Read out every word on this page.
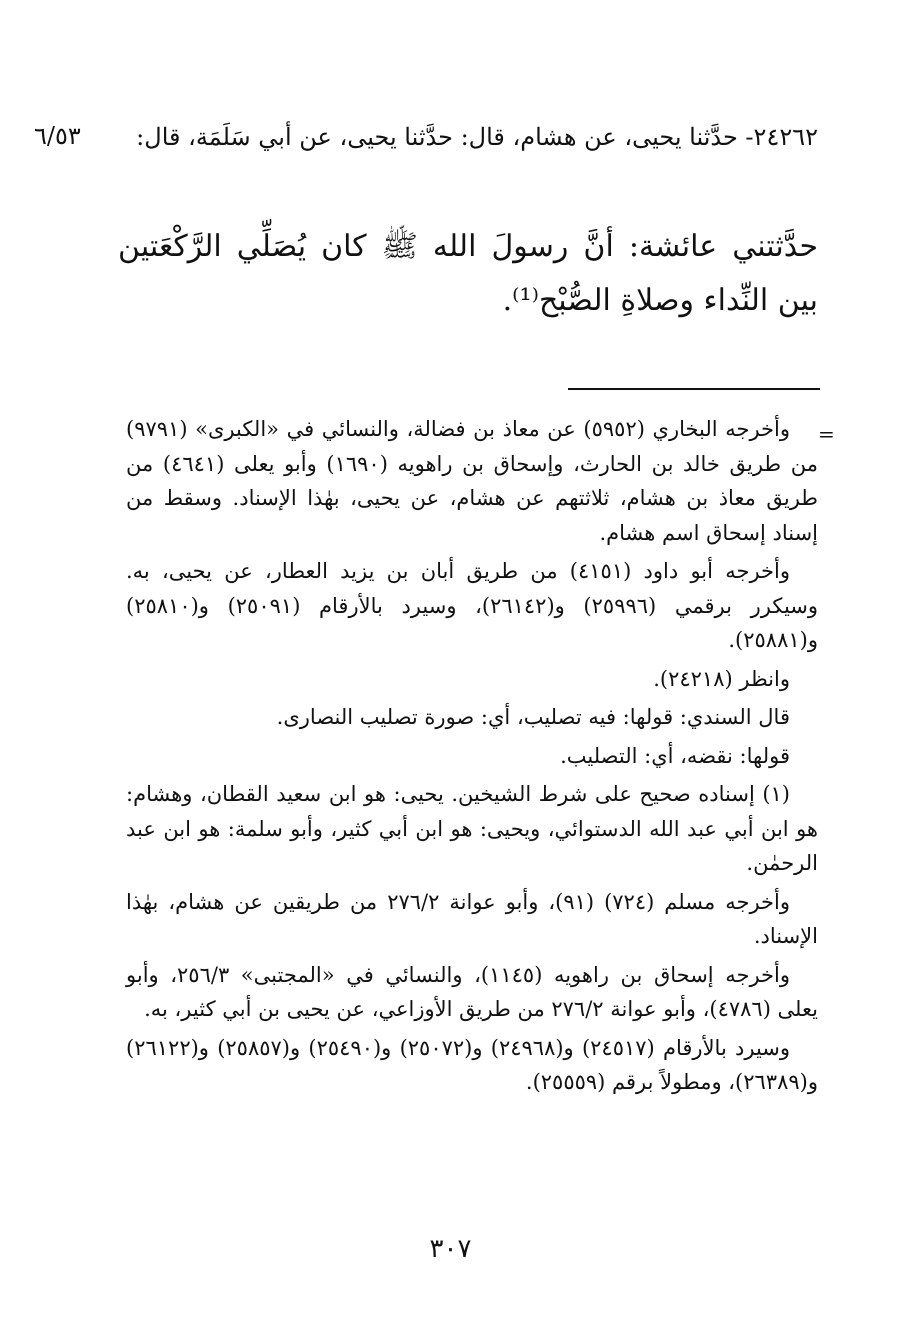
٦/٥٣	٢٤٢٦٢- حدَّثنا يحيى، عن هشام، قال: حدَّثنا يحيى، عن أبي سَلَمَة، قال:
حدَّثتني عائشة: أنَّ رسولَ الله ﷺ كان يُصَلِّي الرَّكْعَتين بين النِّداء وصلاةِ الصُّبْح⁽¹⁾.
=

وأخرجه البخاري (٥٩٥٢) عن معاذ بن فضالة، والنسائي في «الكبرى» (٩٧٩١) من طريق خالد بن الحارث، وإسحاق بن راهويه (١٦٩٠) وأبو يعلى (٤٦٤١) من طريق معاذ بن هشام، ثلاثتهم عن هشام، عن يحيى، بهٰذا الإسناد. وسقط من إسناد إسحاق اسم هشام.

وأخرجه أبو داود (٤١٥١) من طريق أبان بن يزيد العطار، عن يحيى، به. وسيكرر برقمي (٢٥٩٩٦) و(٢٦١٤٢)، وسيرد بالأرقام (٢٥٠٩١) و(٢٥٨١٠) و(٢٥٨٨١).

وانظر (٢٤٢١٨).

قال السندي: قولها: فيه تصليب، أي: صورة تصليب النصارى.

قولها: نقضه، أي: التصليب.

(١) إسناده صحيح على شرط الشيخين. يحيى: هو ابن سعيد القطان، وهشام: هو ابن أبي عبد الله الدستوائي، ويحيى: هو ابن أبي كثير، وأبو سلمة: هو ابن عبد الرحمٰن.

وأخرجه مسلم (٧٢٤) (٩١)، وأبو عوانة ٢٧٦/٢ من طريقين عن هشام، بهٰذا الإسناد.

وأخرجه إسحاق بن راهويه (١١٤٥)، والنسائي في «المجتبى» ٢٥٦/٣، وأبو يعلى (٤٧٨٦)، وأبو عوانة ٢٧٦/٢ من طريق الأوزاعي، عن يحيى بن أبي كثير، به.

وسيرد بالأرقام (٢٤٥١٧) و(٢٤٩٦٨) و(٢٥٠٧٢) و(٢٥٤٩٠) و(٢٥٨٥٧) و(٢٦١٢٢) و(٢٦٣٨٩)، ومطولاً برقم (٢٥٥٥٩).

٣٠٧
